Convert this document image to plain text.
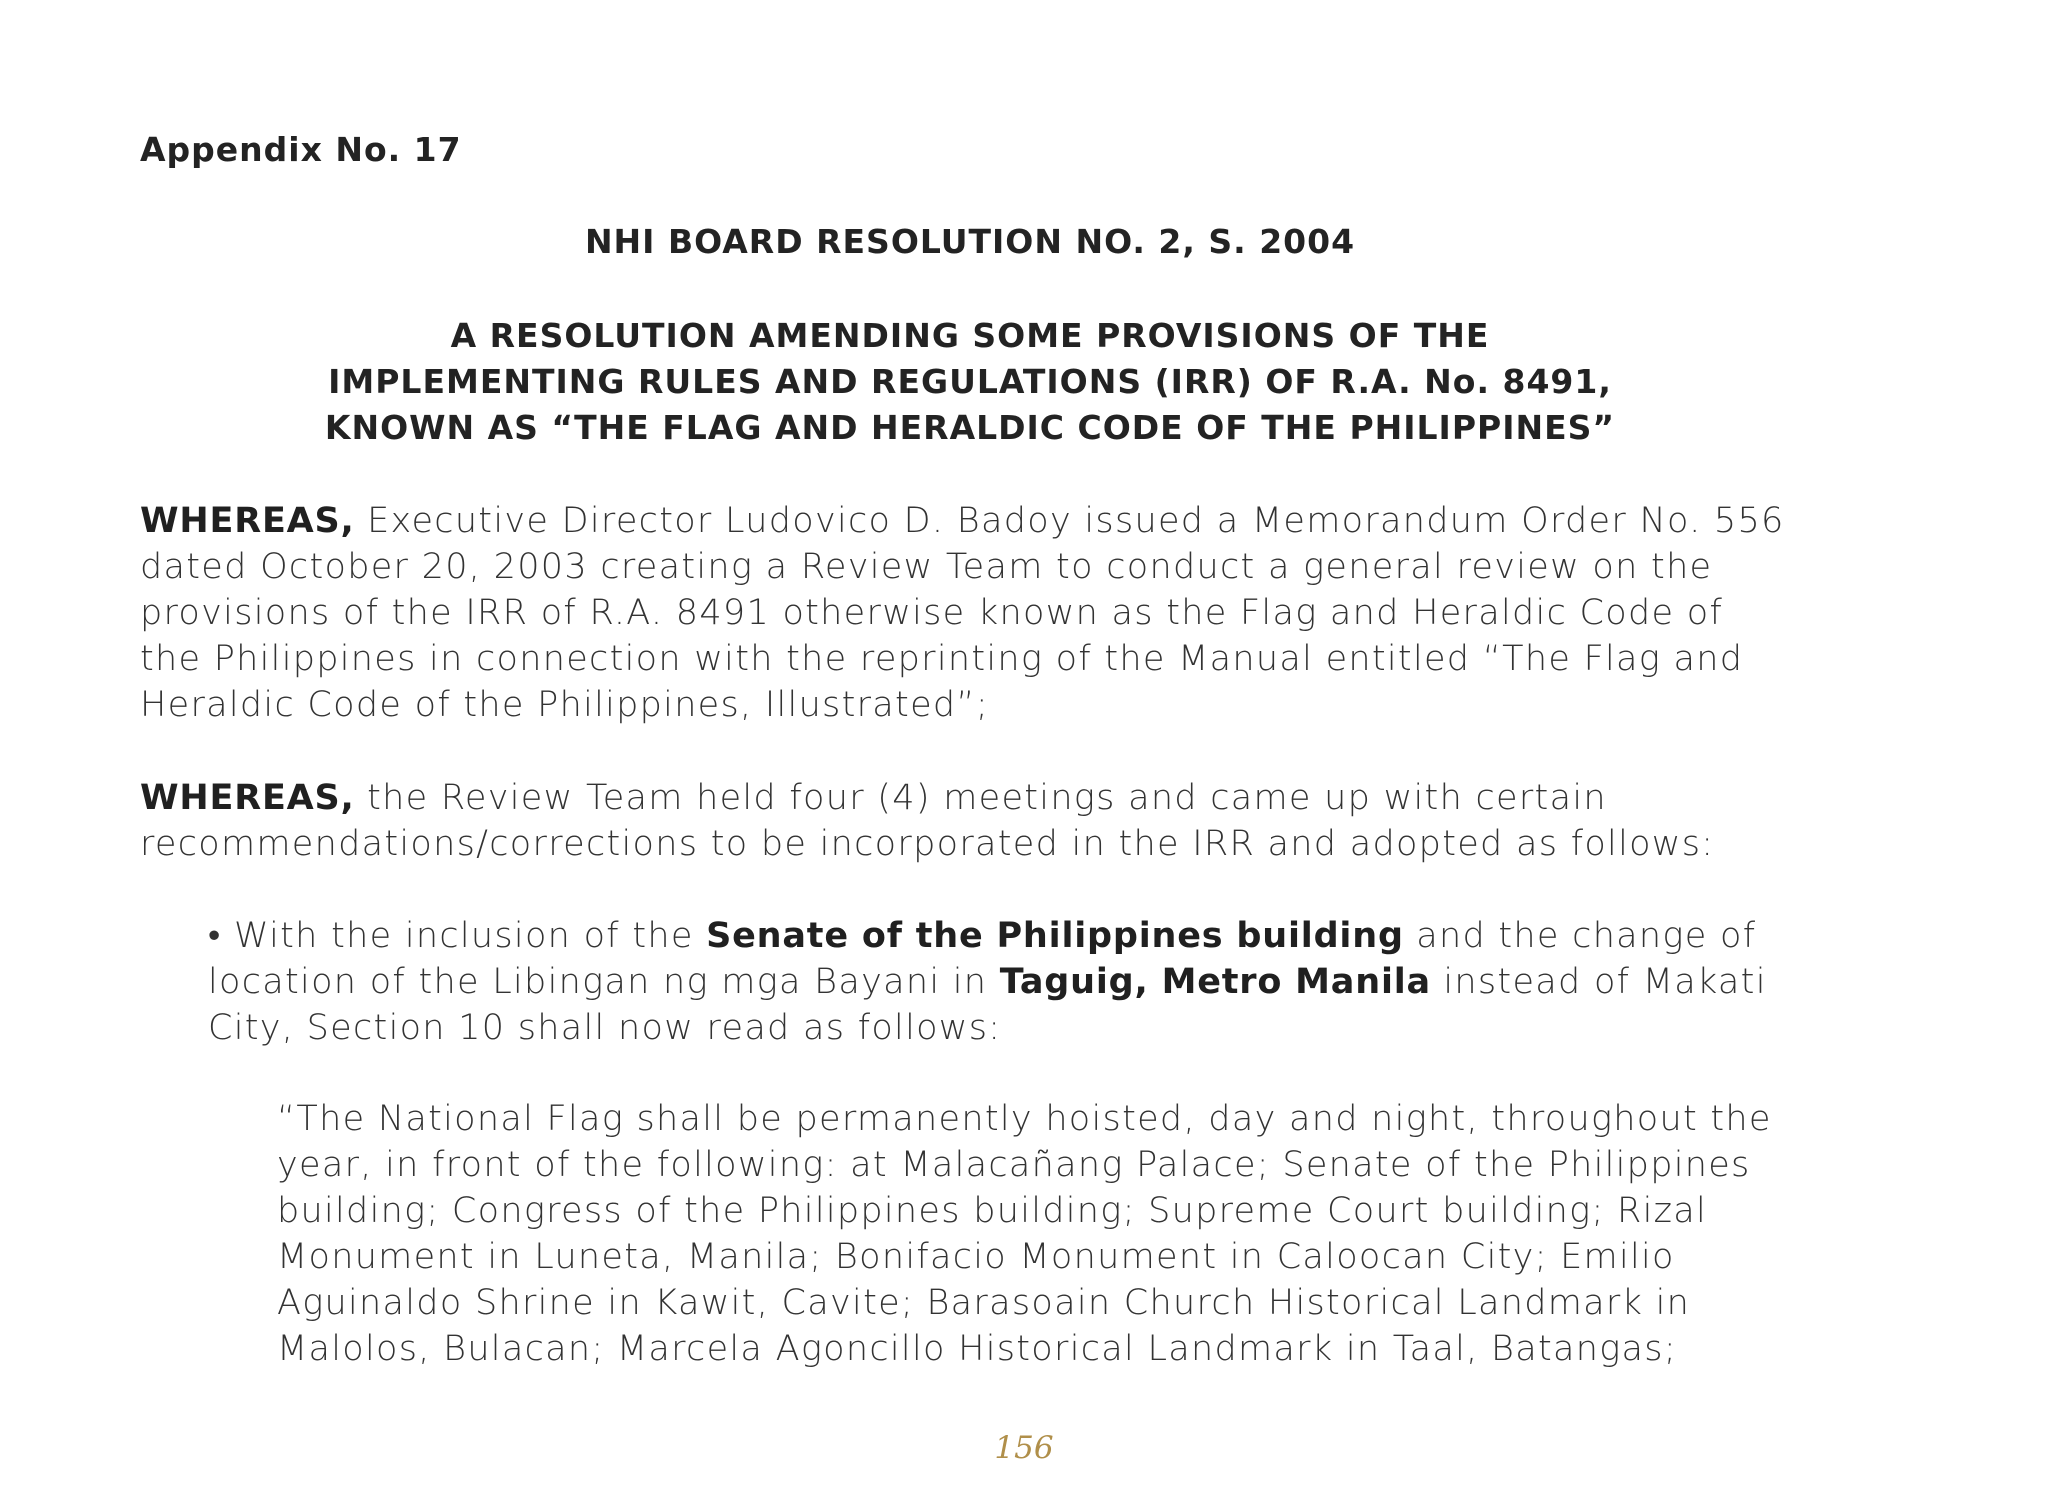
Appendix No. 17
NHI BOARD RESOLUTION NO. 2, S. 2004
A RESOLUTION AMENDING SOME PROVISIONS OF THE
IMPLEMENTING RULES AND REGULATIONS (IRR) OF R.A. No. 8491,
KNOWN AS “THE FLAG AND HERALDIC CODE OF THE PHILIPPINES”
WHEREAS, Executive Director Ludovico D. Badoy issued a Memorandum Order No. 556
dated October 20, 2003 creating a Review Team to conduct a general review on the
provisions of the IRR of R.A. 8491 otherwise known as the Flag and Heraldic Code of
the Philippines in connection with the reprinting of the Manual entitled “The Flag and
Heraldic Code of the Philippines, Illustrated”;
WHEREAS, the Review Team held four (4) meetings and came up with certain
recommendations/corrections to be incorporated in the IRR and adopted as follows:
• With the inclusion of the Senate of the Philippines building and the change of
location of the Libingan ng mga Bayani in Taguig, Metro Manila instead of Makati
City, Section 10 shall now read as follows:
“The National Flag shall be permanently hoisted, day and night, throughout the
year, in front of the following: at Malacañang Palace; Senate of the Philippines
building; Congress of the Philippines building; Supreme Court building; Rizal
Monument in Luneta, Manila; Bonifacio Monument in Caloocan City; Emilio
Aguinaldo Shrine in Kawit, Cavite; Barasoain Church Historical Landmark in
Malolos, Bulacan; Marcela Agoncillo Historical Landmark in Taal, Batangas;
156
